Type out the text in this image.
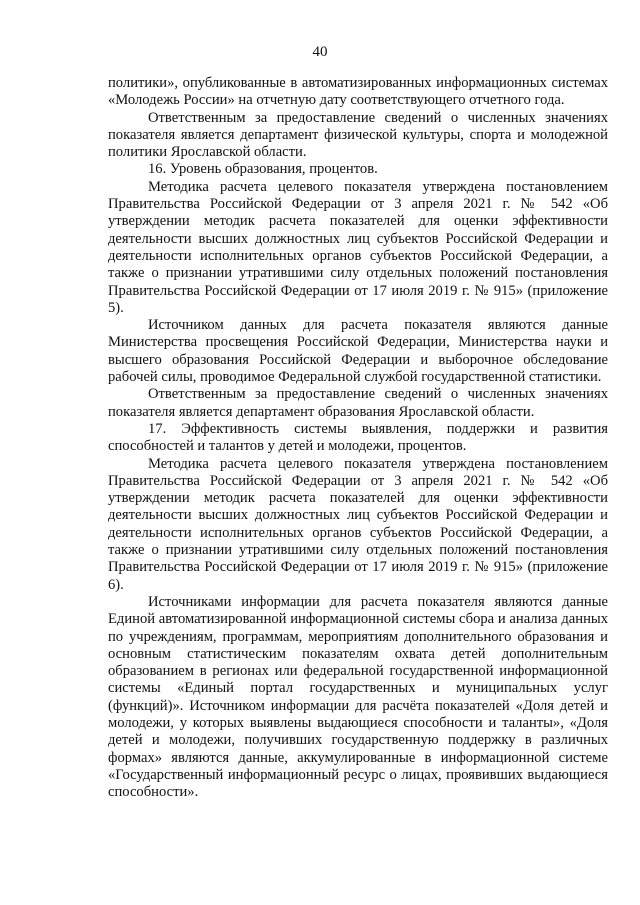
40

политики», опубликованные в автоматизированных информационных системах «Молодежь России» на отчетную дату соответствующего отчетного года.

Ответственным за предоставление сведений о численных значениях показателя является департамент физической культуры, спорта и молодежной политики Ярославской области.

16. Уровень образования, процентов.

Методика расчета целевого показателя утверждена постановлением Правительства Российской Федерации от 3 апреля 2021 г. № 542 «Об утверждении методик расчета показателей для оценки эффективности деятельности высших должностных лиц субъектов Российской Федерации и деятельности исполнительных органов субъектов Российской Федерации, а также о признании утратившими силу отдельных положений постановления Правительства Российской Федерации от 17 июля 2019 г. № 915» (приложение 5).

Источником данных для расчета показателя являются данные Министерства просвещения Российской Федерации, Министерства науки и высшего образования Российской Федерации и выборочное обследование рабочей силы, проводимое Федеральной службой государственной статистики.

Ответственным за предоставление сведений о численных значениях показателя является департамент образования Ярославской области.

17. Эффективность системы выявления, поддержки и развития способностей и талантов у детей и молодежи, процентов.

Методика расчета целевого показателя утверждена постановлением Правительства Российской Федерации от 3 апреля 2021 г. № 542 «Об утверждении методик расчета показателей для оценки эффективности деятельности высших должностных лиц субъектов Российской Федерации и деятельности исполнительных органов субъектов Российской Федерации, а также о признании утратившими силу отдельных положений постановления Правительства Российской Федерации от 17 июля 2019 г. № 915» (приложение 6).

Источниками информации для расчета показателя являются данные Единой автоматизированной информационной системы сбора и анализа данных по учреждениям, программам, мероприятиям дополнительного образования и основным статистическим показателям охвата детей дополнительным образованием в регионах или федеральной государственной информационной системы «Единый портал государственных и муниципальных услуг (функций)». Источником информации для расчёта показателей «Доля детей и молодежи, у которых выявлены выдающиеся способности и таланты», «Доля детей и молодежи, получивших государственную поддержку в различных формах» являются данные, аккумулированные в информационной системе «Государственный информационный ресурс о лицах, проявивших выдающиеся способности».
